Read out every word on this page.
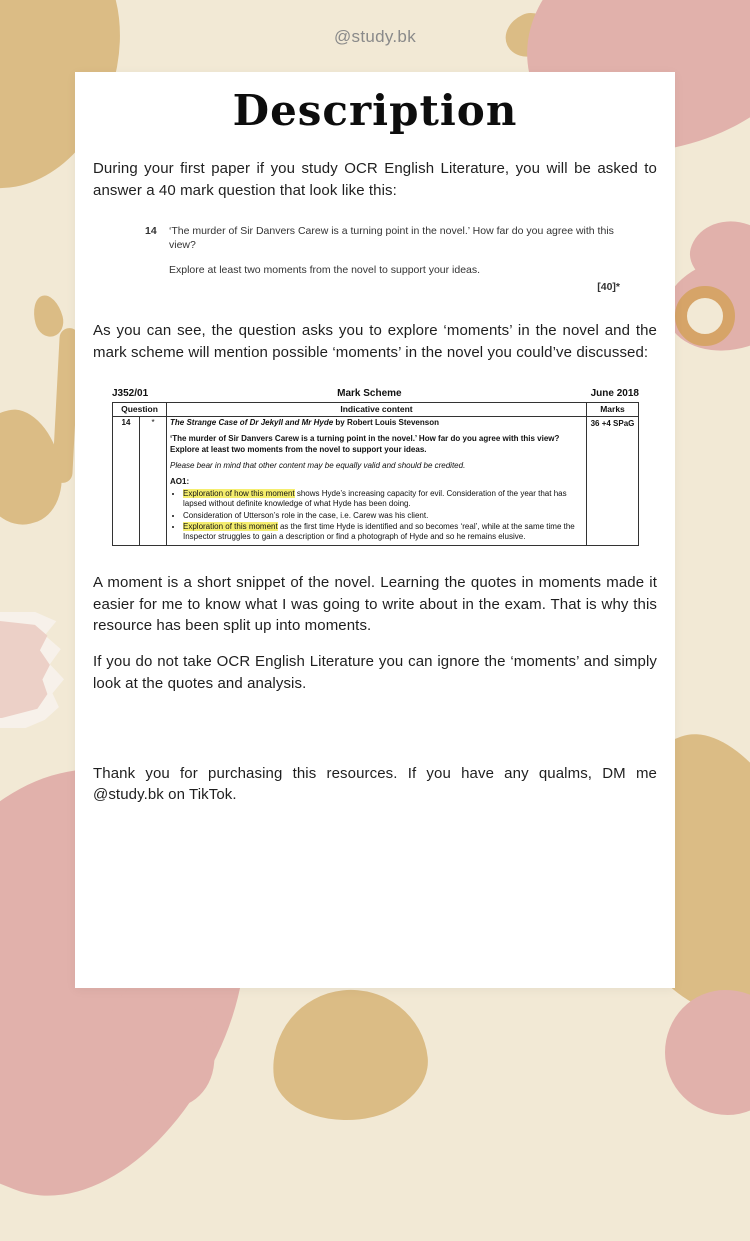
@study.bk
Description

During your first paper if you study OCR English Literature, you will be asked to answer a 40 mark question that look like this:

14	‘The murder of Sir Danvers Carew is a turning point in the novel.’ How far do you agree with this view?

Explore at least two moments from the novel to support your ideas.

[40]*

As you can see, the question asks you to explore ‘moments’ in the novel and the mark scheme will mention possible ‘moments’ in the novel you could’ve discussed:

J352/01	Mark Scheme	June 2018
Question		Indicative content	Marks
14	*	The Strange Case of Dr Jekyll and Mr Hyde by Robert Louis Stevenson

‘The murder of Sir Danvers Carew is a turning point in the novel.’ How far do you agree with this view? Explore at least two moments from the novel to support your ideas.

Please bear in mind that other content may be equally valid and should be credited.

AO1:

• Exploration of how this moment shows Hyde’s increasing capacity for evil. Consideration of the year that has lapsed without definite knowledge of what Hyde has been doing.
• Consideration of Utterson’s role in the case, i.e. Carew was his client.
• Exploration of this moment as the first time Hyde is identified and so becomes ‘real’, while at the same time the Inspector struggles to gain a description or find a photograph of Hyde and so he remains elusive.
	36 +4 SPaG

A moment is a short snippet of the novel. Learning the quotes in moments made it easier for me to know what I was going to write about in the exam. That is why this resource has been split up into moments.

If you do not take OCR English Literature you can ignore the ‘moments’ and simply look at the quotes and analysis.

Thank you for purchasing this resources. If you have any qualms, DM me @study.bk on TikTok.
